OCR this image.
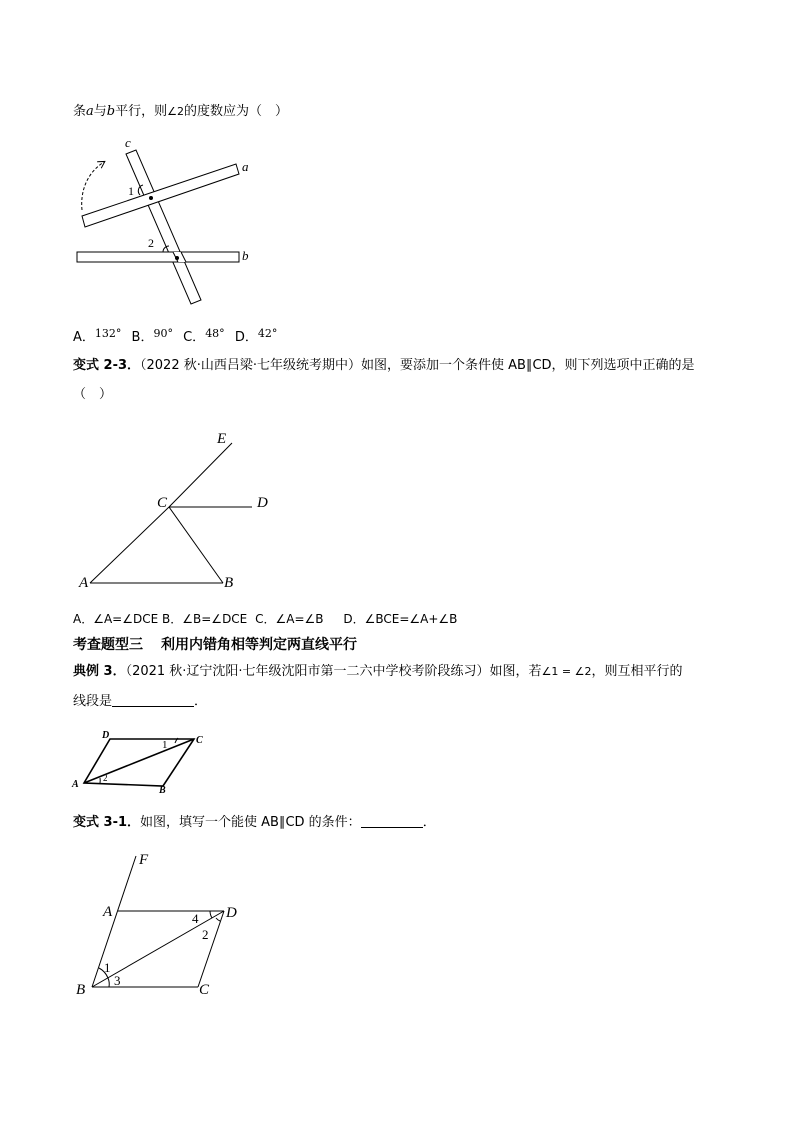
条a与b平行，则∠2的度数应为（　）
c
a
b
1
2
A．$^{132^\circ}$ B．$^{90^\circ}$ C．$^{48^\circ}$ D．$^{42^\circ}$
变式 2-3．（2022 秋·山西吕梁·七年级统考期中）如图，要添加一个条件使 AB∥CD，则下列选项中正确的是
（　）
E
C	D
A	B
A．∠A=∠DCE B．∠B=∠DCE C．∠A=∠B D．∠BCE=∠A+∠B
考查题型三 利用内错角相等判定两直线平行
典例 3．（2021 秋·辽宁沈阳·七年级沈阳市第一二六中学校考阶段练习）如图，若∠1 = ∠2，则互相平行的
线段是	．
D	C
A
B
1
2
变式 3-1．如图，填写一个能使 AB∥CD 的条件：	．
F
A	D
B	C
1
2
3
4
